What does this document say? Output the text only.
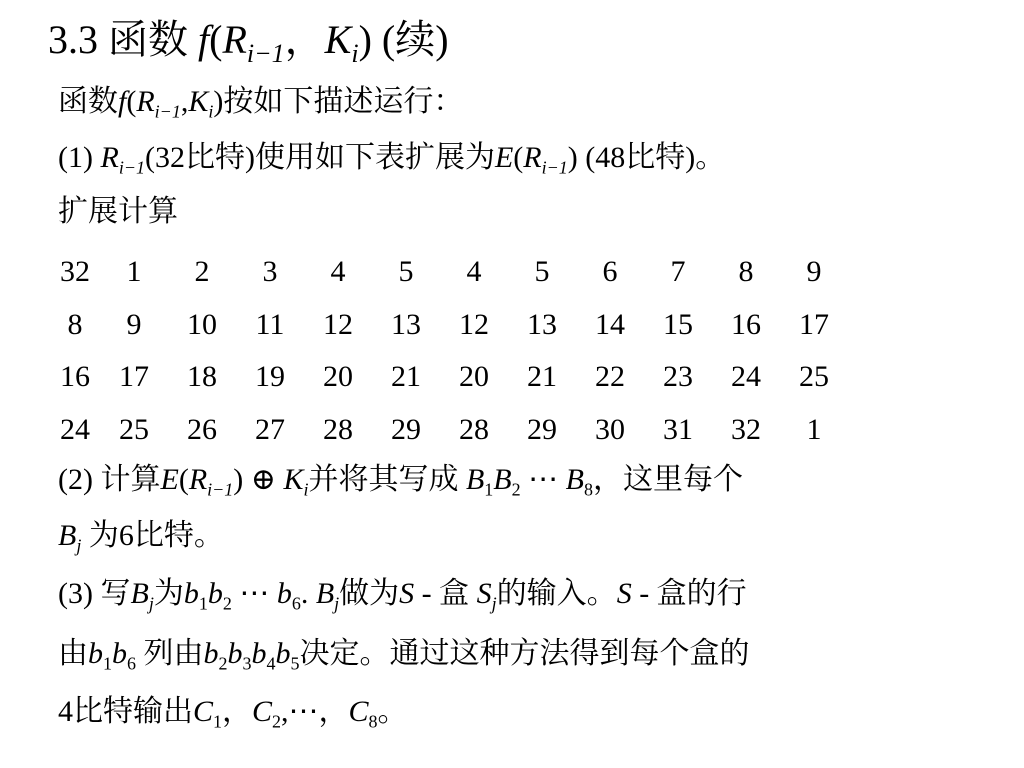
3.3 函数 $f(R_{i-1}$，$K_i$) (续)
函数$f(R_{i-1},K_i)$按如下描述运行：
(1) $R_{i-1}(32$比特)使用如下表扩展为$E(R_{i-1})$ (48比特)。
扩展计算
32	1	2	3	4	5	4	5	6	7	8	9
8	9	10	11	12	13	12	13	14	15	16	17
16	17	18	19	20	21	20	21	22	23	24	25
24	25	26	27	28	29	28	29	30	31	32	1
(2) 计算$E(R_{i-1})$ ⊕ $K_i$并将其写成 $B_1B_2$ ⋯ $B_8$，这里每个
$B_j$ 为6比特。
(3) 写$B_j$为$b_1b_2$ ⋯ $b_6$. $B_j$做为S - 盒 $S_j$的输入。S - 盒的行
由$b_1b_6$ 列由$b_2b_3b_4b_5$决定。通过这种方法得到每个盒的
4比特输出$C_1$，$C_2,\cdots$，$C_8$。
